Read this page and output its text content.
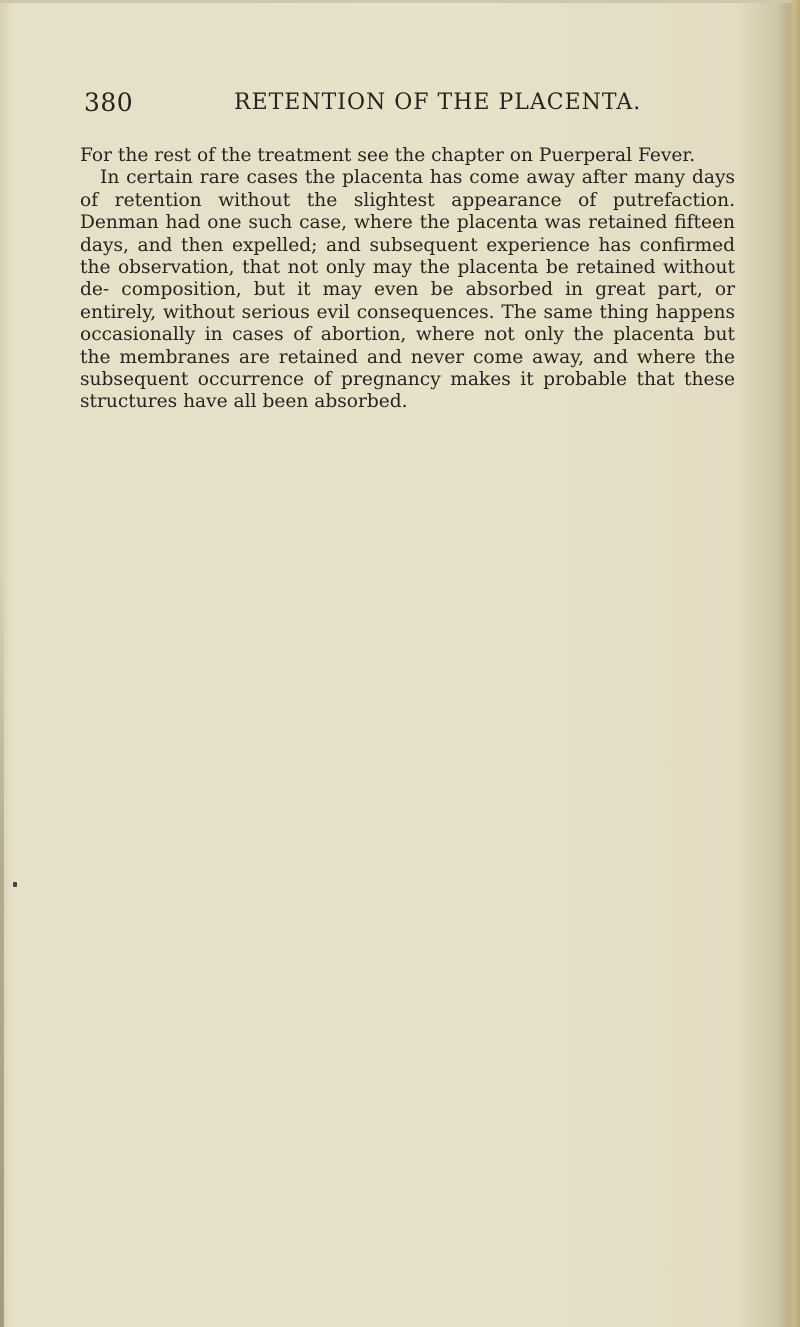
380	RETENTION OF THE PLACENTA.

For the rest of the treatment see the chapter on Puerperal Fever.

In certain rare cases the placenta has come away after many days of retention without the slightest appearance of putrefaction. Denman had one such case, where the placenta was retained fifteen days, and then expelled; and subsequent experience has confirmed the observation, that not only may the placenta be retained without de- composition, but it may even be absorbed in great part, or entirely, without serious evil consequences. The same thing happens occasionally in cases of abortion, where not only the placenta but the membranes are retained and never come away, and where the subsequent occurrence of pregnancy makes it probable that these structures have all been absorbed.
